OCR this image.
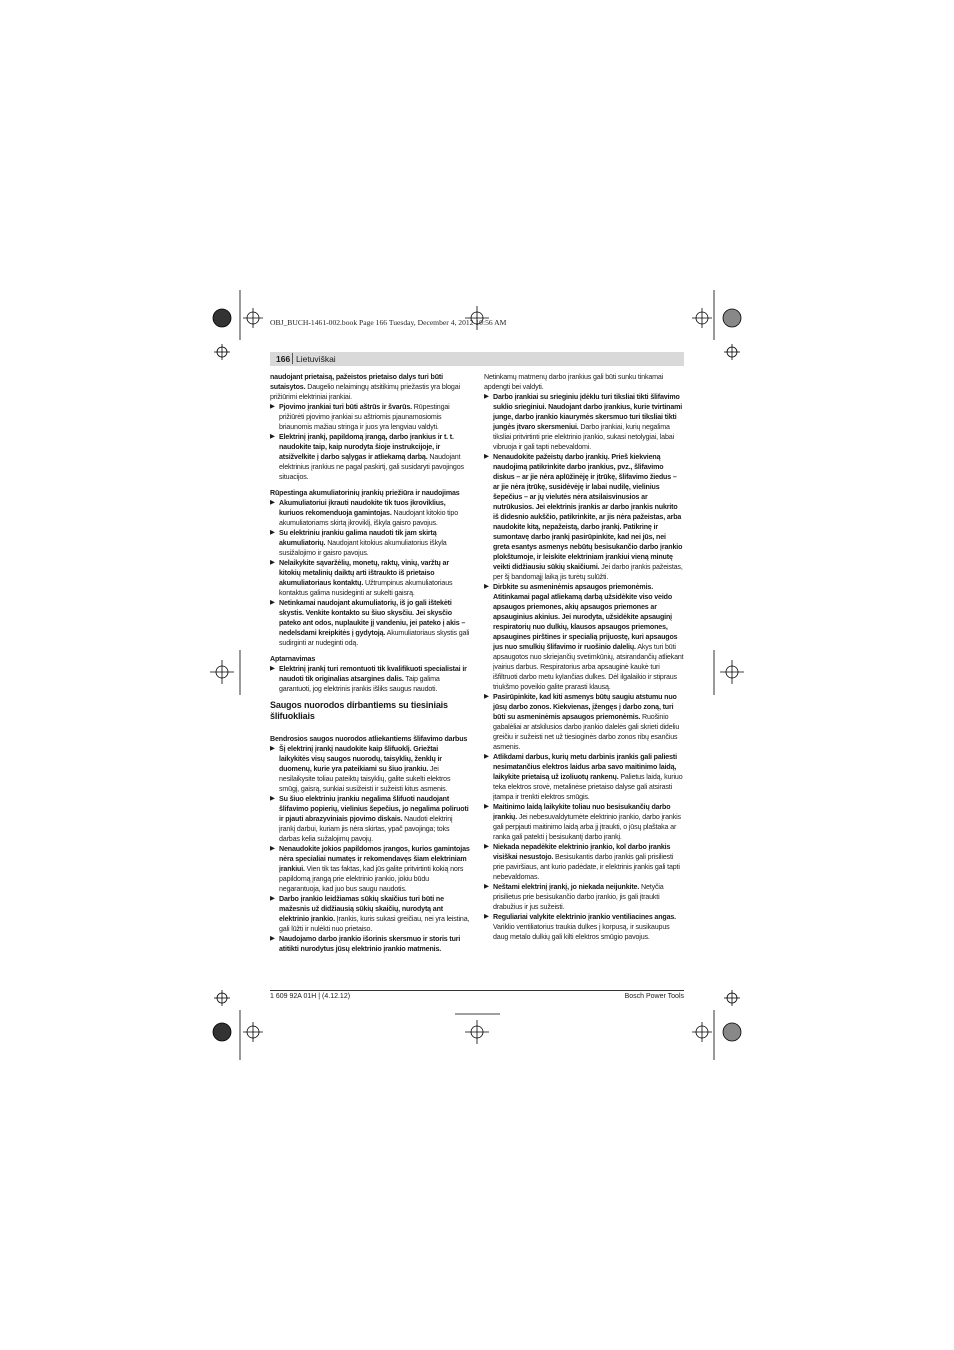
OBJ_BUCH-1461-002.book Page 166 Tuesday, December 4, 2012 10:56 AM
166 Lietuviškai

naudojant prietaisą, pažeistos prietaiso dalys turi būti sutaisytos. Daugelio nelaimingų atsitikimų priežastis yra blogai prižiūrimi elektriniai įrankiai.

▶ Pjovimo įrankiai turi būti aštrūs ir švarūs. Rūpestingai prižiūrėti pjovimo įrankiai su aštriomis pjaunamosiomis briaunomis mažiau stringa ir juos yra lengviau valdyti.

▶ Elektrinį įrankį, papildomą įrangą, darbo įrankius ir t. t. naudokite taip, kaip nurodyta šioje instrukcijoje, ir atsižvelkite į darbo sąlygas ir atliekamą darbą. Naudojant elektrinius įrankius ne pagal paskirtį, gali susidaryti pavojingos situacijos.

Rūpestinga akumuliatorinių įrankių priežiūra ir naudojimas

▶ Akumuliatoriui įkrauti naudokite tik tuos įkroviklius, kuriuos rekomenduoja gamintojas. Naudojant kitokio tipo akumuliatoriams skirtą įkroviklį, iškyla gaisro pavojus.

▶ Su elektriniu įrankiu galima naudoti tik jam skirtą akumuliatorių. Naudojant kitokius akumuliatorius iškyla susižalojimo ir gaisro pavojus.

▶ Nelaikykite sąvaržėlių, monetų, raktų, vinių, varžtų ar kitokių metalinių daiktų arti ištraukto iš prietaiso akumuliatoriaus kontaktų. Užtrumpinus akumuliatoriaus kontaktus galima nusideginti ar sukelti gaisrą.

▶ Netinkamai naudojant akumuliatorių, iš jo gali ištekėti skystis. Venkite kontakto su šiuo skysčiu. Jei skysčio pateko ant odos, nuplaukite jį vandeniu, jei pateko į akis – nedelsdami kreipkitės į gydytoją. Akumuliatoriaus skystis gali sudirginti ar nudeginti odą.

Aptarnavimas

▶ Elektrinį įrankį turi remontuoti tik kvalifikuoti specialistai ir naudoti tik originalias atsargines dalis. Taip galima garantuoti, jog elektrinis įrankis išliks saugus naudoti.

Saugos nuorodos dirbantiems su tiesiniais šlifuokliais

Bendrosios saugos nuorodos atliekantiems šlifavimo darbus

▶ Šį elektrinį įrankį naudokite kaip šlifuoklį. Griežtai laikykitės visų saugos nuorodų, taisyklių, ženklų ir duomenų, kurie yra pateikiami su šiuo įrankiu. Jei nesilaikysite toliau pateiktų taisyklių, galite sukelti elektros smūgį, gaisrą, sunkiai susižeisti ir sužeisti kitus asmenis.

▶ Su šiuo elektriniu įrankiu negalima šlifuoti naudojant šlifavimo popierių, vielinius šepečius, jo negalima poliruoti ir pjauti abrazyviniais pjovimo diskais. Naudoti elektrinį įrankį darbui, kuriam jis nėra skirtas, ypač pavojinga; toks darbas kelia sužalojimų pavojų.

▶ Nenaudokite jokios papildomos įrangos, kurios gamintojas nėra specialiai numatęs ir rekomendavęs šiam elektriniam įrankiui. Vien tik tas faktas, kad jūs galite pritvirtinti kokią nors papildomą įrangą prie elektrinio įrankio, jokiu būdu negarantuoja, kad juo bus saugu naudotis.

▶ Darbo įrankio leidžiamas sūkių skaičius turi būti ne mažesnis už didžiausią sūkių skaičių, nurodytą ant elektrinio įrankio. Įrankis, kuris sukasi greičiau, nei yra leistina, gali lūžti ir nulėkti nuo prietaiso.

▶ Naudojamo darbo įrankio išorinis skersmuo ir storis turi atitikti nurodytus jūsų elektrinio įrankio matmenis.

Netinkamų matmenų darbo įrankius gali būti sunku tinkamai apdengti bei valdyti.

▶ Darbo įrankiai su srieginiu įdėklu turi tiksliai tikti šlifavimo suklio srieginiui. Naudojant darbo įrankius, kurie tvirtinami junge, darbo įrankio kiaurymės skersmuo turi tiksliai tikti jungės įtvaro skersmeniui. Darbo įrankiai, kurių negalima tiksliai pritvirtinti prie elektrinio įrankio, sukasi netolygiai, labai vibruoja ir gali tapti nebevaldomi.

▶ Nenaudokite pažeistų darbo įrankių. Prieš kiekvieną naudojimą patikrinkite darbo įrankius, pvz., šlifavimo diskus – ar jie nėra aplūžinėję ir įtrūkę, šlifavimo žiedus – ar jie nėra įtrūkę, susidėvėję ir labai nudilę, vielinius šepečius – ar jų vielutės nėra atsilaisvinusios ar nutrūkusios. Jei elektrinis įrankis ar darbo įrankis nukrito iš didesnio aukščio, patikrinkite, ar jis nėra pažeistas, arba naudokite kitą, nepažeistą, darbo įrankį. Patikrinę ir sumontavę darbo įrankį pasirūpinkite, kad nei jūs, nei greta esantys asmenys nebūtų besisukančio darbo įrankio plokštumoje, ir leiskite elektriniam įrankiui vieną minutę veikti didžiausiu sūkių skaičiumi. Jei darbo įrankis pažeistas, per šį bandomąjį laiką jis turėtų sulūžti.

▶ Dirbkite su asmeninėmis apsaugos priemonėmis. Atitinkamai pagal atliekamą darbą užsidėkite viso veido apsaugos priemones, akių apsaugos priemones ar apsauginius akinius. Jei nurodyta, užsidėkite apsauginį respiratorių nuo dulkių, klausos apsaugos priemones, apsaugines pirštines ir specialią prijuostę, kuri apsaugos jus nuo smulkių šlifavimo ir ruošinio dalelių. Akys turi būti apsaugotos nuo skriejančių svetimkūnių, atsirandančių atliekant įvairius darbus. Respiratorius arba apsauginė kaukė turi išfiltruoti darbo metu kylančias dulkes. Dėl ilgalaikio ir stipraus triukšmo poveikio galite prarasti klausą.

▶ Pasirūpinkite, kad kiti asmenys būtų saugiu atstumu nuo jūsų darbo zonos. Kiekvienas, įžengęs į darbo zoną, turi būti su asmeninėmis apsaugos priemonėmis. Ruošinio gabalėliai ar atskilusios darbo įrankio dalelės gali skrieti dideliu greičiu ir sužeisti net už tiesioginės darbo zonos ribų esančius asmenis.

▶ Atlikdami darbus, kurių metu darbinis įrankis gali paliesti nesimatančius elektros laidus arba savo maitinimo laidą, laikykite prietaisą už izoliuotų rankenų. Palietus laidą, kuriuo teka elektros srovė, metalinėse prietaiso dalyse gali atsirasti įtampa ir trenkti elektros smūgis.

▶ Maitinimo laidą laikykite toliau nuo besisukančių darbo įrankių. Jei nebesuvaldytumėte elektrinio įrankio, darbo įrankis gali perpjauti maitinimo laidą arba jį įtraukti, o jūsų plaštaka ar ranka gali patekti į besisukantį darbo įrankį.

▶ Niekada nepadėkite elektrinio įrankio, kol darbo įrankis visiškai nesustojo. Besisukantis darbo įrankis gali prisiliesti prie paviršiaus, ant kurio padėdate, ir elektrinis įrankis gali tapti nebevaldomas.

▶ Neštami elektrinį įrankį, jo niekada neijunkite. Netyčia prisilietus prie besisukančio darbo įrankio, jis gali įtraukti drabužius ir jus sužeisti.

▶ Reguliariai valykite elektrinio įrankio ventiliacines angas. Variklio ventiliatorius traukia dulkes į korpusą, ir susikaupus daug metalo dulkių gali kilti elektros smūgio pavojus.

1 609 92A 01H | (4.12.12)	Bosch Power Tools
